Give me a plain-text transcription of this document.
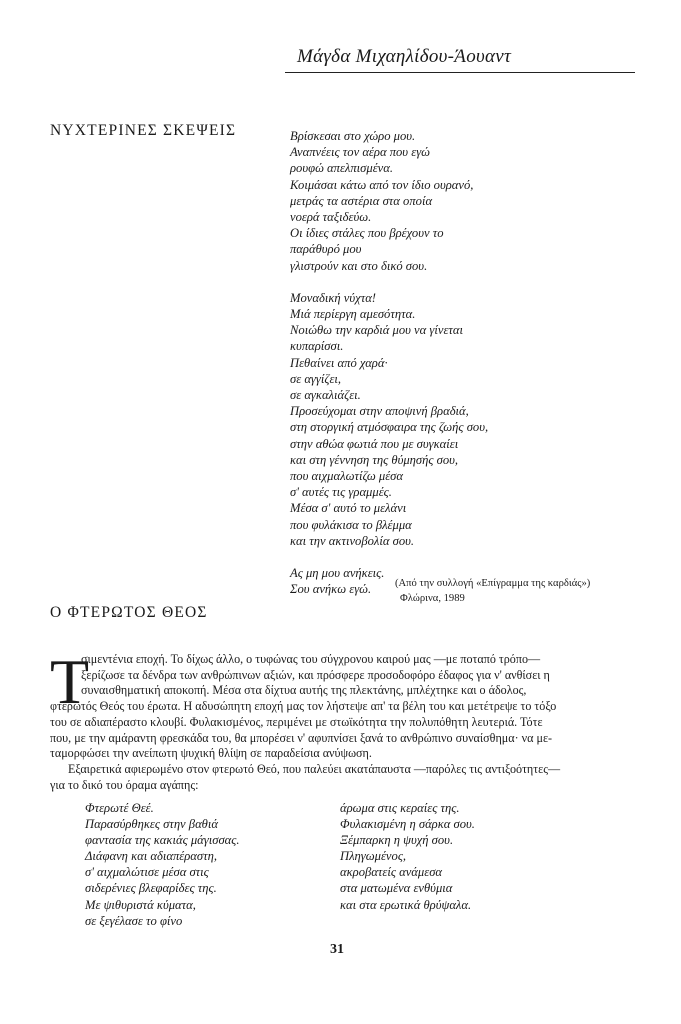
Μάγδα Μιχαηλίδου-Άουαντ
ΝΥΧΤΕΡΙΝΕΣ ΣΚΕΨΕΙΣ	Βρίσκεσαι στο χώρο μου.
Αναπνέεις τον αέρα που εγώ
ρουφώ απελπισμένα.
Κοιμάσαι κάτω από τον ίδιο ουρανό,
μετράς τα αστέρια στα οποία
νοερά ταξιδεύω.
Οι ίδιες στάλες που βρέχουν το
παράθυρό μου
γλιστρούν και στο δικό σου.
Μοναδική νύχτα!
Μιά περίεργη αμεσότητα.
Νοιώθω την καρδιά μου να γίνεται
κυπαρίσσι.
Πεθαίνει από χαρά·
σε αγγίζει,
σε αγκαλιάζει.
Προσεύχομαι στην αποψινή βραδιά,
στη στοργική ατμόσφαιρα της ζωής σου,
στην αθώα φωτιά που με συγκαίει
και στη γέννηση της θύμησής σου,
που αιχμαλωτίζω μέσα
σ' αυτές τις γραμμές.
Μέσα σ' αυτό το μελάνι
που φυλάκισα το βλέμμα
και την ακτινοβολία σου.
Ας μη μου ανήκεις.
Σου ανήκω εγώ.	(Από την συλλογή «Επίγραμμα της καρδιάς»)
Φλώρινα, 1989
Ο ΦΤΕΡΩΤΟΣ ΘΕΟΣ
Τ
σιμεντένια εποχή. Το δίχως άλλο, ο τυφώνας του σύγχρονου καιρού μας —με ποταπό τρόπο—
ξερίζωσε τα δένδρα των ανθρώπινων αξιών, και πρόσφερε προσοδοφόρο έδαφος για ν' ανθίσει η
συναισθηματική αποκοπή. Μέσα στα δίχτυα αυτής της πλεκτάνης, μπλέχτηκε και ο άδολος,
φτερωτός Θεός του έρωτα. Η αδυσώπητη εποχή μας τον λήστεψε απ' τα βέλη του και μετέτρεψε το τόξο
του σε αδιαπέραστο κλουβί. Φυλακισμένος, περιμένει με στωϊκότητα την πολυπόθητη λευτεριά. Τότε
που, με την αμάραντη φρεσκάδα του, θα μπορέσει ν' αφυπνίσει ξανά το ανθρώπινο συναίσθημα· να με-
ταμορφώσει την ανείπωτη ψυχική θλίψη σε παραδείσια ανύψωση.
Εξαιρετικά αφιερωμένο στον φτερωτό Θεό, που παλεύει ακατάπαυστα —παρόλες τις αντιξοότητες—
για το δικό του όραμα αγάπης:
Φτερωτέ Θεέ.
Παρασύρθηκες στην βαθιά
φαντασία της κακιάς μάγισσας.
Διάφανη και αδιαπέραστη,
σ' αιχμαλώτισε μέσα στις
σιδερένιες βλεφαρίδες της.
Με ψιθυριστά κύματα,
σε ξεγέλασε το φίνο
άρωμα στις κεραίες της.
Φυλακισμένη η σάρκα σου.
Ξέμπαρκη η ψυχή σου.
Πληγωμένος,
ακροβατείς ανάμεσα
στα ματωμένα ενθύμια
και στα ερωτικά θρύψαλα.
31
